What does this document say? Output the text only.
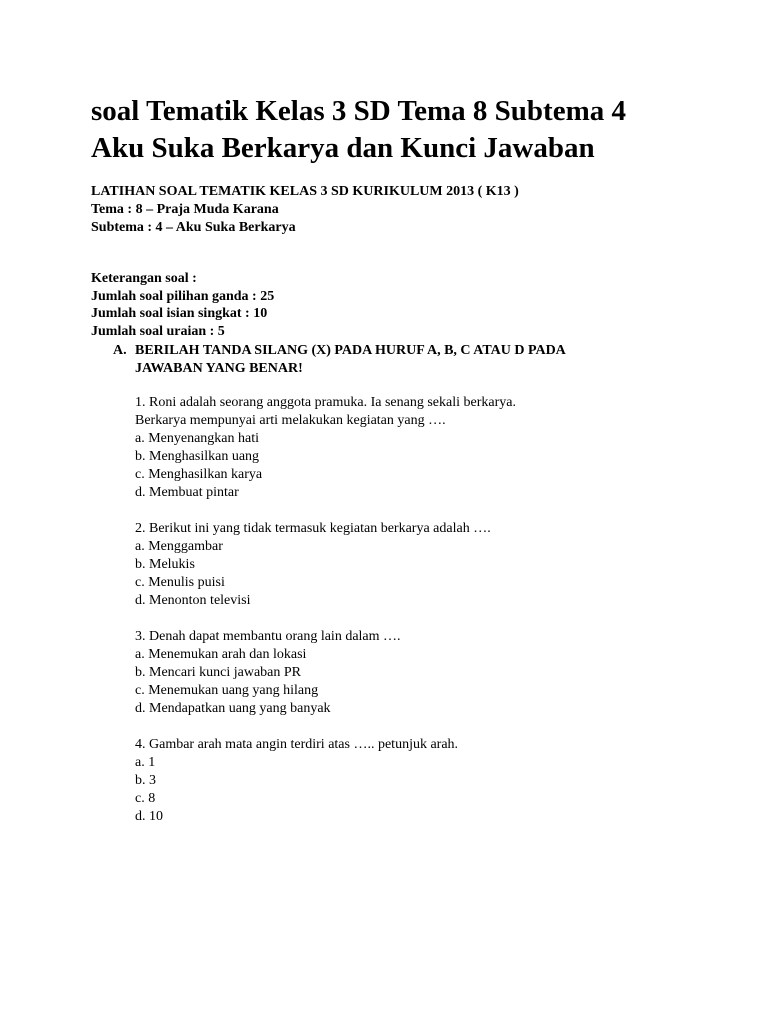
soal Tematik Kelas 3 SD Tema 8 Subtema 4
Aku Suka Berkarya dan Kunci Jawaban
LATIHAN SOAL TEMATIK KELAS 3 SD KURIKULUM 2013 ( K13 )
Tema : 8 – Praja Muda Karana
Subtema : 4 – Aku Suka Berkarya
Keterangan soal :
Jumlah soal pilihan ganda : 25
Jumlah soal isian singkat : 10
Jumlah soal uraian : 5
A. BERILAH TANDA SILANG (X) PADA HURUF A, B, C ATAU D PADA
JAWABAN YANG BENAR!
1. Roni adalah seorang anggota pramuka. Ia senang sekali berkarya.
Berkarya mempunyai arti melakukan kegiatan yang ….
a. Menyenangkan hati
b. Menghasilkan uang
c. Menghasilkan karya
d. Membuat pintar
2. Berikut ini yang tidak termasuk kegiatan berkarya adalah ….
a. Menggambar
b. Melukis
c. Menulis puisi
d. Menonton televisi
3. Denah dapat membantu orang lain dalam ….
a. Menemukan arah dan lokasi
b. Mencari kunci jawaban PR
c. Menemukan uang yang hilang
d. Mendapatkan uang yang banyak
4. Gambar arah mata angin terdiri atas ….. petunjuk arah.
a. 1
b. 3
c. 8
d. 10
